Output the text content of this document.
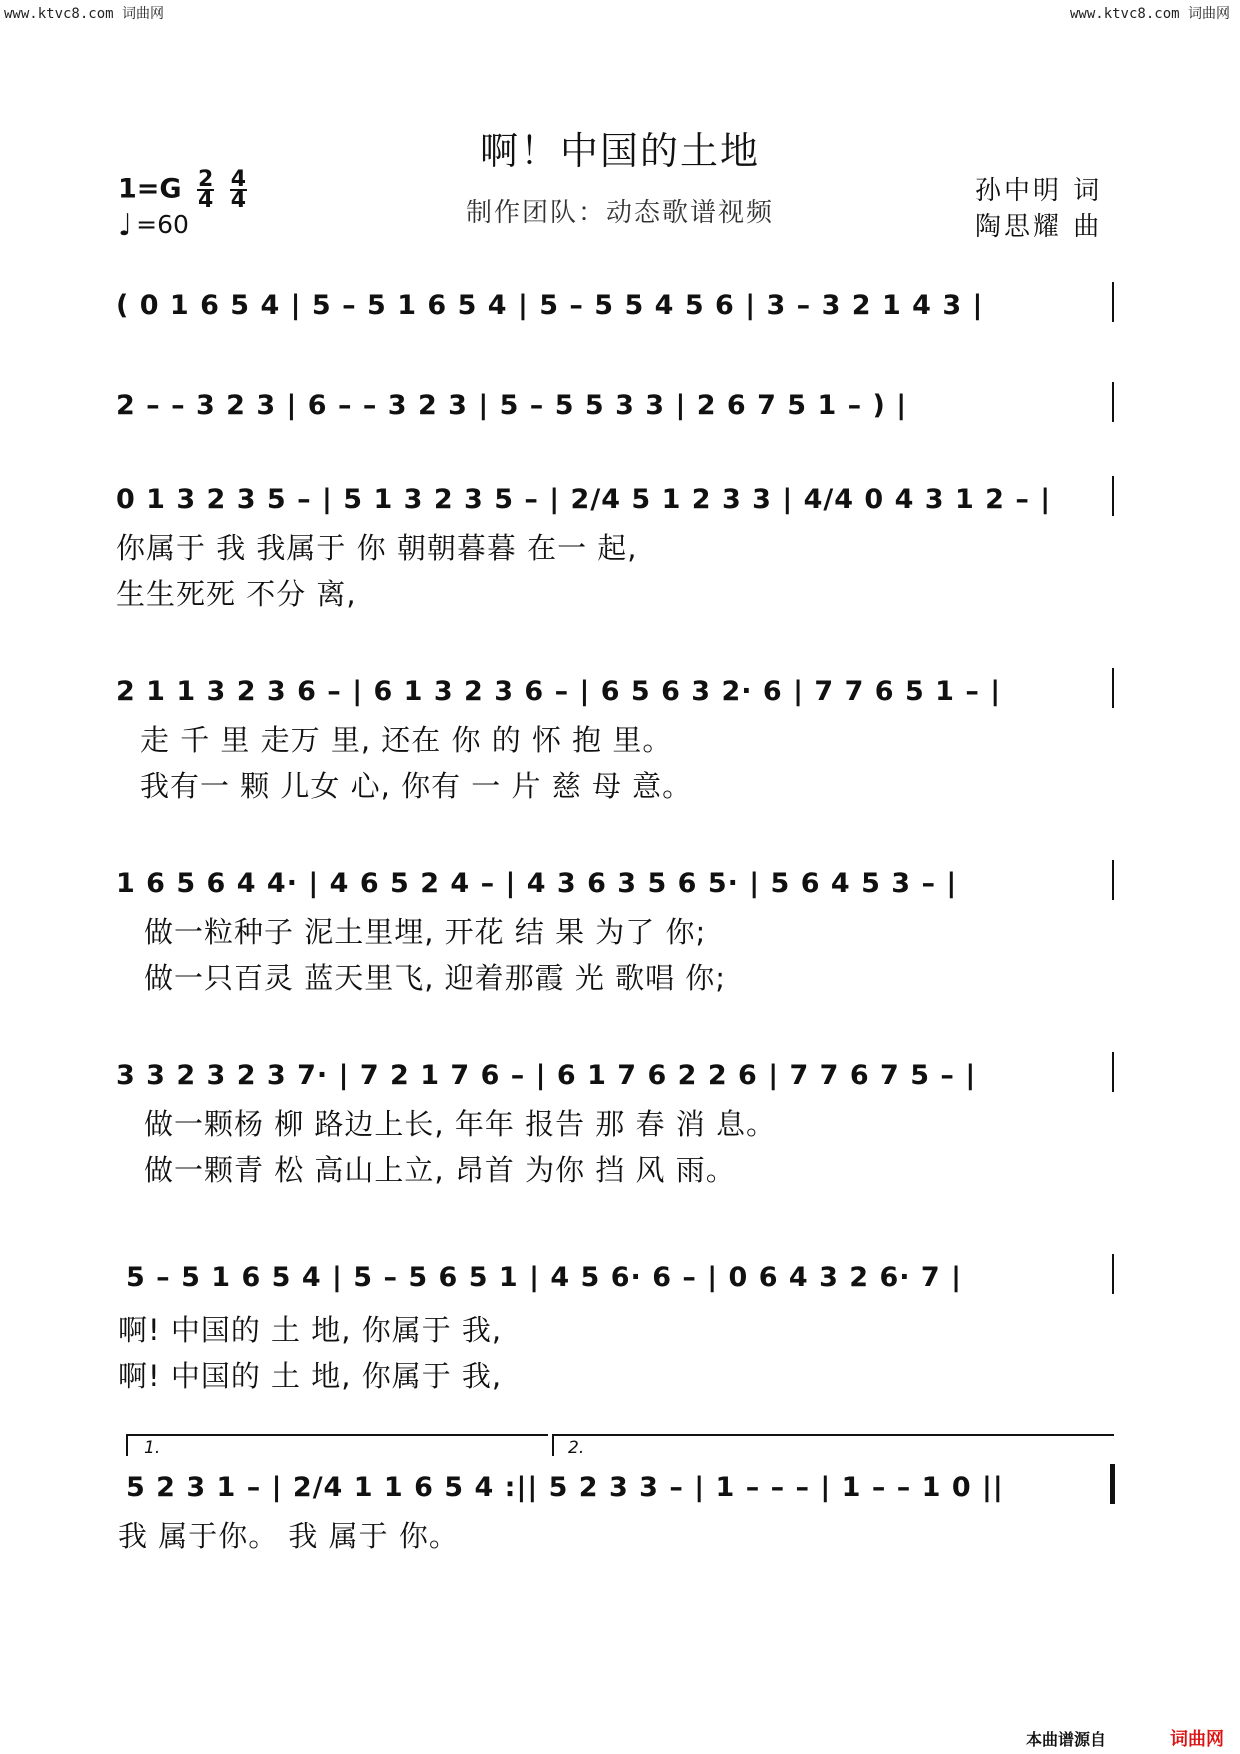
www.ktvc8.com 词曲网	www.ktvc8.com 词曲网
啊！中国的土地
制作团队：动态歌谱视频
$1=G \frac{2}{4} \frac{4}{4}$
♩ =60
孙中明 词
陶思耀 曲
( 0 1 6 5 4 | 5 – 5 1 6 5 4 | 5 – 5 5 4 5 6 | 3 – 3 2 1 4 3 |
2 – – 3 2 3 | 6 – – 3 2 3 | 5 – 5 5 3 3 | 2 6 7 5 1 – ) |
0 1 3 2 3 5 – | 5 1 3 2 3 5 – | 2/4 5 1 2 3 3 | 4/4 0 4 3 1 2 – |
你属于 我 我属于 你 朝朝暮暮 在一 起,
生生死死 不分 离,
2 1 1 3 2 3 6 – | 6 1 3 2 3 6 – | 6 5 6 3 2· 6 | 7 7 6 5 1 – |
走 千 里 走万 里, 还在 你 的 怀 抱 里。
我有一 颗 儿女 心, 你有 一 片 慈 母 意。
1 6 5 6 4 4· | 4 6 5 2 4 – | 4 3 6 3 5 6 5· | 5 6 4 5 3 – |
做一粒种子 泥土里埋, 开花 结 果 为了 你;
做一只百灵 蓝天里飞, 迎着那霞 光 歌唱 你;
3 3 2 3 2 3 7· | 7 2 1 7 6 – | 6 1 7 6 2 2 6 | 7 7 6 7 5 – |
做一颗杨 柳 路边上长, 年年 报告 那 春 消 息。
做一颗青 松 高山上立, 昂首 为你 挡 风 雨。
5 – 5 1 6 5 4 | 5 – 5 6 5 1 | 4 5 6· 6 – | 0 6 4 3 2 6· 7 |
啊! 中国的 土 地, 你属于 我,
啊! 中国的 土 地, 你属于 我,
1.	2.
5 2 3 1 – | 2/4 1 1 6 5 4 :|| 5 2 3 3 – | 1 – – – | 1 – – 1 0 ||
我 属于你。 我 属于 你。
本曲谱源自	词曲网
